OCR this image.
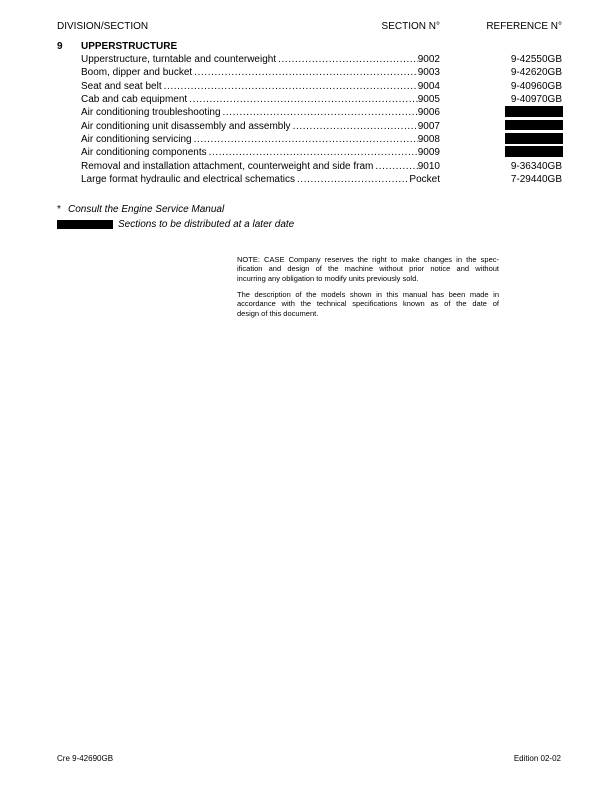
DIVISION/SECTION	SECTION N°	REFERENCE N°
9 UPPERSTRUCTURE
Upperstructure, turntable and counterweight .....	9002	9-42550GB
Boom, dipper and bucket .....	9003	9-42620GB
Seat and seat belt .....	9004	9-40960GB
Cab and cab equipment .....	9005	9-40970GB
Air conditioning troubleshooting .....	9006
Air conditioning unit disassembly and assembly .....	9007
Air conditioning servicing .....	9008
Air conditioning components .....	9009
Removal and installation attachment, counterweight and side fram .....	9010	9-36340GB
Large format hydraulic and electrical schematics .....	Pocket	7-29440GB
* Consult the Engine Service Manual
Sections to be distributed at a later date
NOTE: CASE Company reserves the right to make changes in the spec-
ification and design of the machine without prior notice and without
incurring any obligation to modify units previously sold.
The description of the models shown in this manual has been made in
accordance with the technical specifications known as of the date of
design of this document.
Cre 9-42690GB	Edition 02-02
